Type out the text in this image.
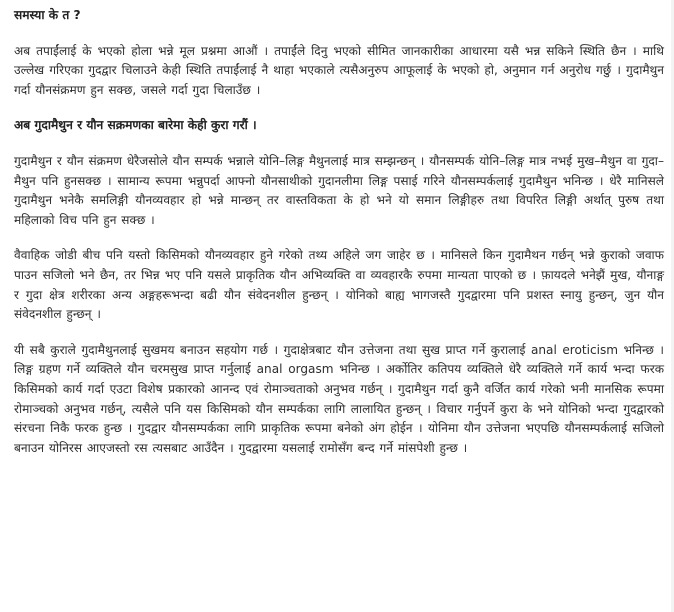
समस्या के त ?

अब तपाईंलाई के भएको होला भन्ने मूल प्रश्नमा आऔं । तपाईंले दिनु भएको सीमित जानकारीका आधारमा यसै भन्न सकिने स्थिति छैन । माथि उल्लेख गरिएका गुदद्वार चिलाउने केही स्थिति तपाईंलाई नै थाहा भएकाले त्यसैअनुरुप आफूलाई के भएको हो, अनुमान गर्न अनुरोध गर्छु । गुदामैथुन गर्दा यौनसंक्रमण हुन सक्छ, जसले गर्दा गुदा चिलाउँछ ।

अब गुदामैथुन र यौन सक्रमणका बारेमा केही कुरा गरौं ।

गुदामैथुन र यौन संक्रमण धेरैजसोले यौन सम्पर्क भन्नाले योनि–लिङ्ग मैथुनलाई मात्र सम्झन्छन् । यौनसम्पर्क योनि–लिङ्ग मात्र नभई मुख–मैथुन वा गुदा–मैथुन पनि हुनसक्छ । सामान्य रूपमा भन्नुपर्दा आफ्नो यौनसाथीको गुदानलीमा लिङ्ग पसाई गरिने यौनसम्पर्कलाई गुदामैथुन भनिन्छ । धेरै मानिसले गुदामैथुन भनेकै समलिङ्गी यौनव्यवहार हो भन्ने मान्छन् तर वास्तविकता के हो भने यो समान लिङ्गीहरु तथा विपरित लिङ्गी अर्थात् पुरुष तथा महिलाको विच पनि हुन सक्छ ।

वैवाहिक जोडी बीच पनि यस्तो किसिमको यौनव्यवहार हुने गरेको तथ्य अहिले जग जाहेर छ । मानिसले किन गुदामैथन गर्छन् भन्ने कुराको जवाफ पाउन सजिलो भने छैन, तर भिन्न भए पनि यसले प्राकृतिक यौन अभिव्यक्ति वा व्यवहारकै रुपमा मान्यता पाएको छ । फ़ायदले भनेझैं मुख, यौनाङ्ग र गुदा क्षेत्र शरीरका अन्य अङ्गहरूभन्दा बढी यौन संवेदनशील हुन्छन् । योनिको बाह्य भागजस्तै गुदद्वारमा पनि प्रशस्त स्नायु हुन्छन्, जुन यौन संवेदनशील हुन्छन् ।

यी सबै कुराले गुदामैथुनलाई सुखमय बनाउन सहयोग गर्छ । गुदाक्षेत्रबाट यौन उत्तेजना तथा सुख प्राप्त गर्ने कुरालाई anal eroticism भनिन्छ । लिङ्ग ग्रहण गर्ने व्यक्तिले यौन चरमसुख प्राप्त गर्नुलाई anal orgasm भनिन्छ । अर्कोतिर कतिपय व्यक्तिले धेरै व्यक्तिले गर्ने कार्य भन्दा फरक किसिमको कार्य गर्दा एउटा विशेष प्रकारको आनन्द एवं रोमाञ्चताको अनुभव गर्छन् । गुदामैथुन गर्दा कुनै वर्जित कार्य गरेको भनी मानसिक रूपमा रोमाञ्चको अनुभव गर्छन्, त्यसैले पनि यस किसिमको यौन सम्पर्कका लागि लालायित हुन्छन् । विचार गर्नुपर्ने कुरा के भने योनिको भन्दा गुदद्वारको संरचना निकै फरक हुन्छ । गुदद्वार यौनसम्पर्कका लागि प्राकृतिक रूपमा बनेको अंग होईन । योनिमा यौन उत्तेजना भएपछि यौनसम्पर्कलाई सजिलो बनाउन योनिरस आएजस्तो रस त्यसबाट आउँदैन । गुदद्वारमा यसलाई रामोसँग बन्द गर्ने मांसपेशी हुन्छ ।
